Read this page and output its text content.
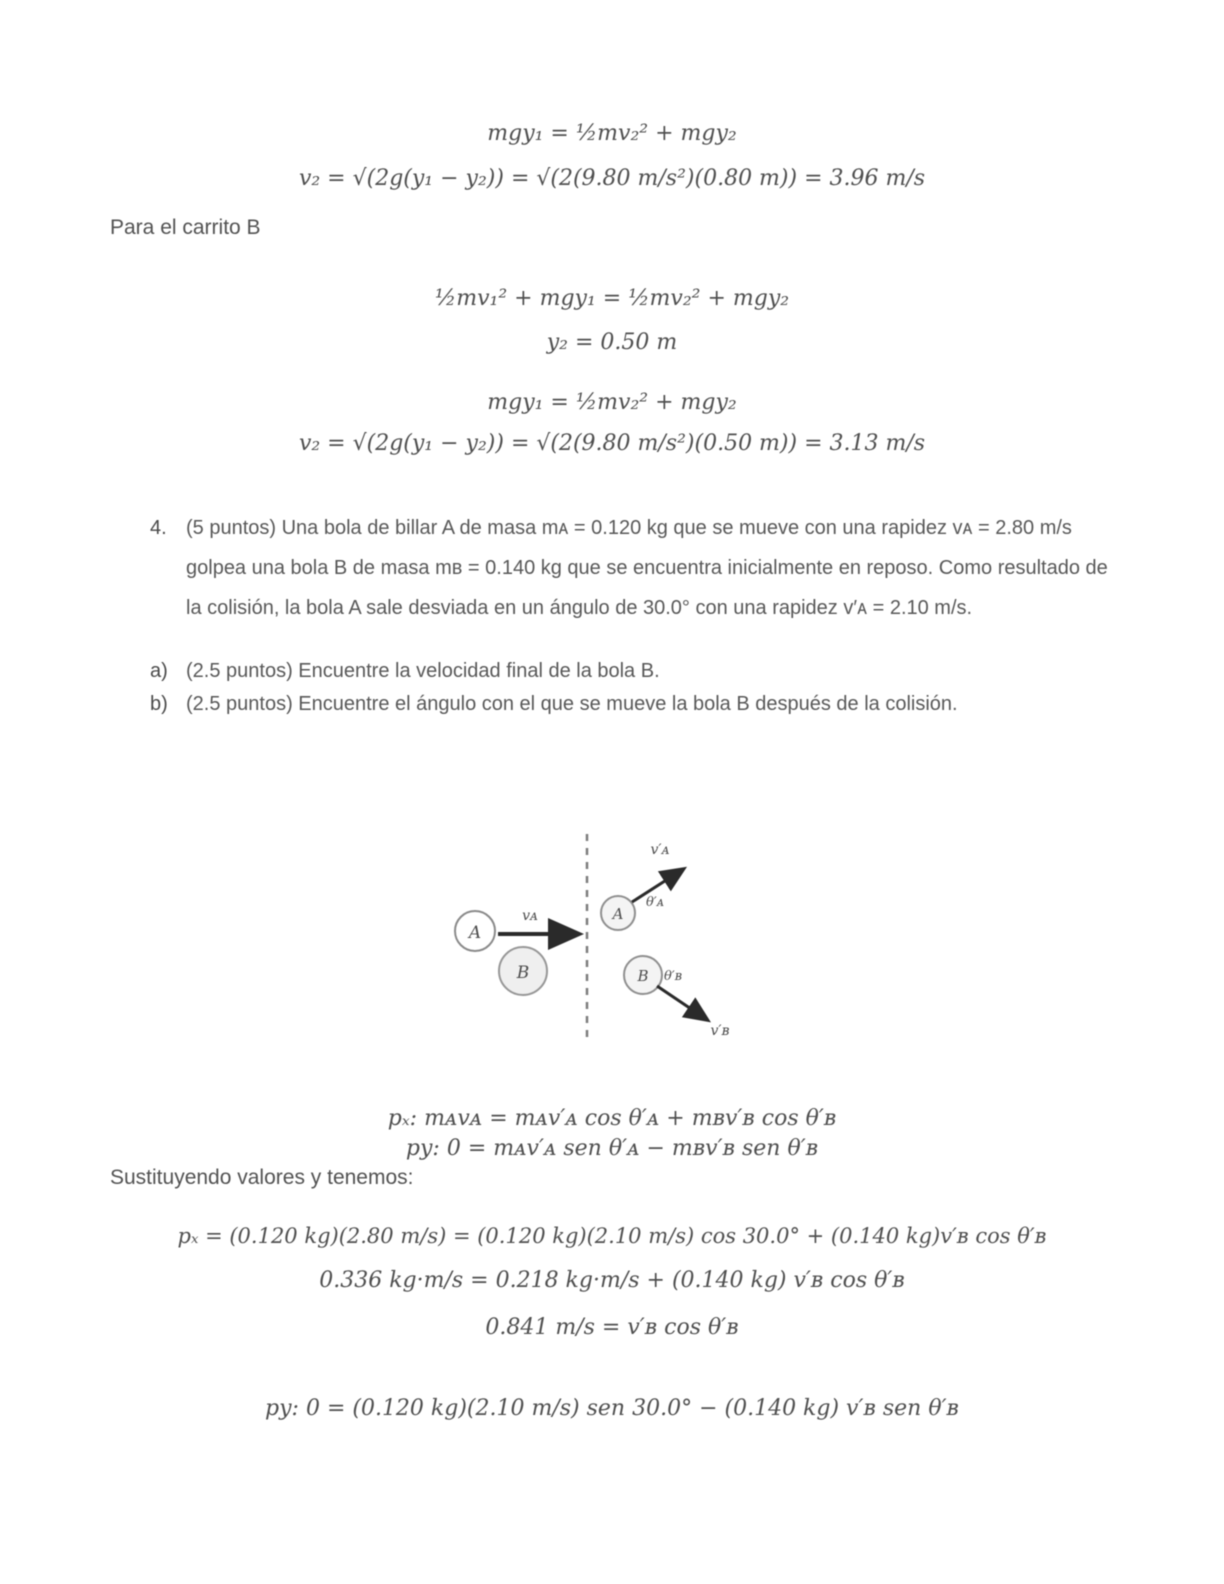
mgy₁ = ½mv₂² + mgy₂
v₂ = √(2g(y₁ − y₂)) = √(2(9.80 m/s²)(0.80 m)) = 3.96 m/s
Para el carrito B
½mv₁² + mgy₁ = ½mv₂² + mgy₂
y₂ = 0.50 m
mgy₁ = ½mv₂² + mgy₂
v₂ = √(2g(y₁ − y₂)) = √(2(9.80 m/s²)(0.50 m)) = 3.13 m/s
4. (5 puntos) Una bola de billar A de masa mᴀ = 0.120 kg que se mueve con una rapidez vᴀ = 2.80 m/s golpea una bola B de masa mʙ = 0.140 kg que se encuentra inicialmente en reposo. Como resultado de la colisión, la bola A sale desviada en un ángulo de 30.0° con una rapidez v′ᴀ = 2.10 m/s.
a) (2.5 puntos) Encuentre la velocidad final de la bola B.
b) (2.5 puntos) Encuentre el ángulo con el que se mueve la bola B después de la colisión.
A
vᴀ
B
A
v′ᴀ
θ′ᴀ
B
v′ʙ
θ′ʙ
pₓ: mᴀvᴀ = mᴀv′ᴀ cos θ′ᴀ + mʙv′ʙ cos θ′ʙ
py: 0 = mᴀv′ᴀ sen θ′ᴀ − mʙv′ʙ sen θ′ʙ
Sustituyendo valores y tenemos:
pₓ = (0.120 kg)(2.80 m/s) = (0.120 kg)(2.10 m/s) cos 30.0° + (0.140 kg)v′ʙ cos θ′ʙ
0.336 kg·m/s = 0.218 kg·m/s + (0.140 kg) v′ʙ cos θ′ʙ
0.841 m/s = v′ʙ cos θ′ʙ
py: 0 = (0.120 kg)(2.10 m/s) sen 30.0° − (0.140 kg) v′ʙ sen θ′ʙ
